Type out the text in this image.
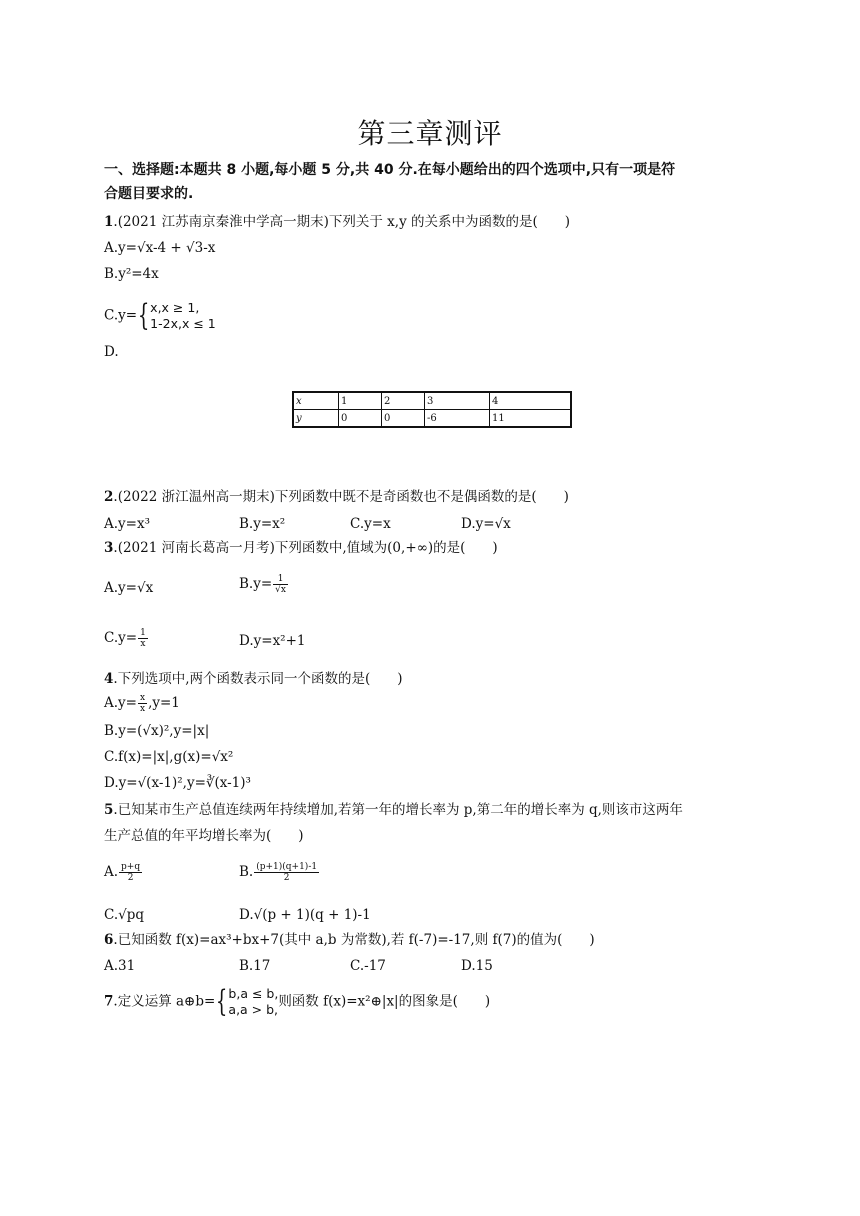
第三章测评
一、选择题:本题共 8 小题,每小题 5 分,共 40 分.在每小题给出的四个选项中,只有一项是符
合题目要求的.
1.(2021 江苏南京秦淮中学高一期末)下列关于 x,y 的关系中为函数的是(　　)
A.y=√x-4 + √3-x
B.y²=4x
C.y={ x,x ≥ 1,
1-2x,x ≤ 1
D.
x	1	2	3	4
y	0	0	-6	11
2.(2022 浙江温州高一期末)下列函数中既不是奇函数也不是偶函数的是(　　)
A.y=x³	B.y=x²	C.y=x	D.y=√x
3.(2021 河南长葛高一月考)下列函数中,值域为(0,+∞)的是(　　)
A.y=√x	$B.y= \frac{1}{√x}$
$C.y= \frac{1}{x}$	D.y=x²+1
4.下列选项中,两个函数表示同一个函数的是(　　)
$A.y= \frac{x}{x} ,y=1$
B.y=(√x)²,y=|x|
C.f(x)=|x|,g(x)=√x²
D.y=√(x-1)²,y=∛(x-1)³
5.已知某市生产总值连续两年持续增加,若第一年的增长率为 p,第二年的增长率为 q,则该市这两年
生产总值的年平均增长率为(　　)
A. $\frac{p+q}{2}$	B. $\frac{(p+1)(q+1)-1}{2}$
C.√pq	D.√(p + 1)(q + 1)-1
6.已知函数 f(x)=ax³+bx+7(其中 a,b 为常数),若 f(-7)=-17,则 f(7)的值为(　　)
A.31	B.17	C.-17	D.15
7.定义运算 a⊕b={ b,a ≤ b,
a,a > b, 则函数 f(x)=x²⊕|x|的图象是(　　)
